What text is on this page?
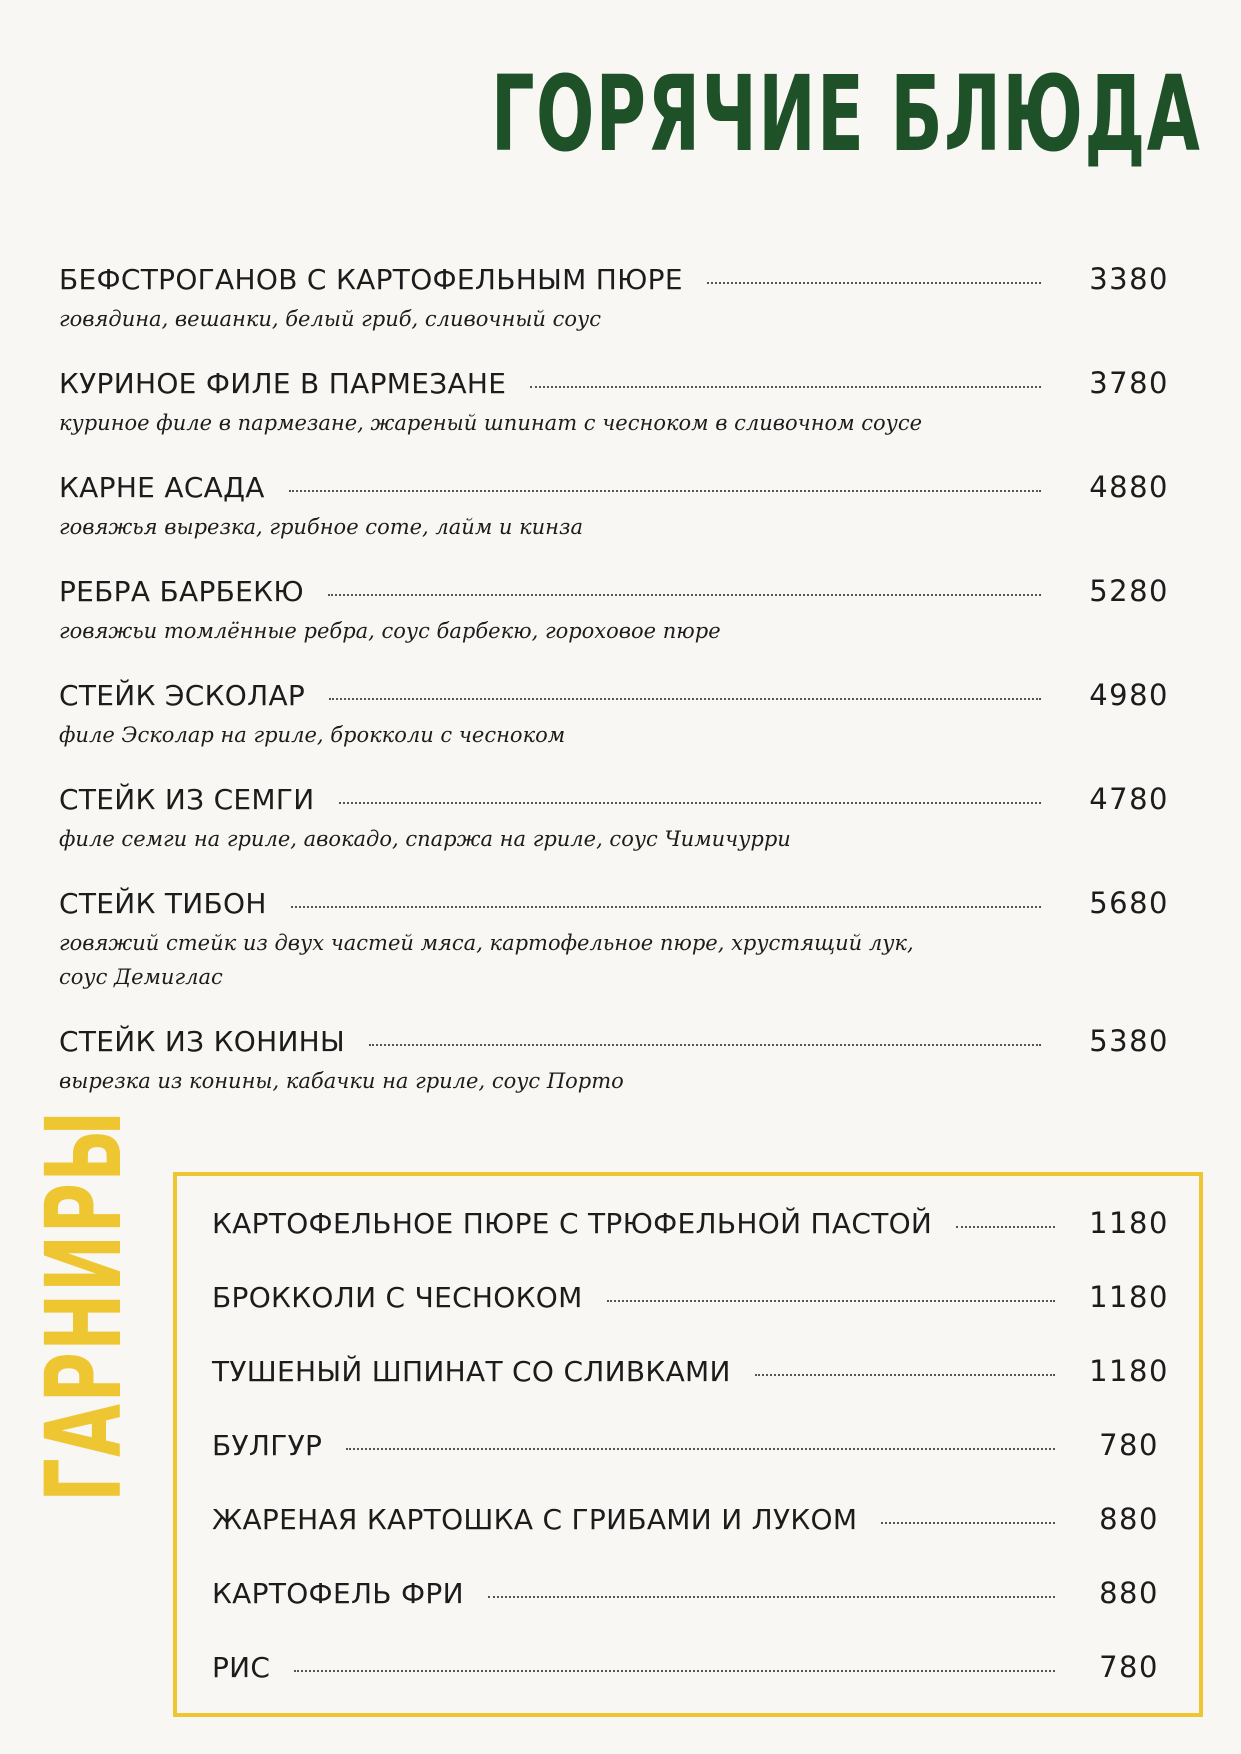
ГОРЯЧИЕ БЛЮДА
БЕФСТРОГАНОВ С КАРТОФЕЛЬНЫМ ПЮРЕ	3380
говядина, вешанки, белый гриб, сливочный соус
КУРИНОЕ ФИЛЕ В ПАРМЕЗАНЕ	3780
куриное филе в пармезане, жареный шпинат с чесноком в сливочном соусе
КАРНЕ АСАДА	4880
говяжья вырезка, грибное соте, лайм и кинза
РЕБРА БАРБЕКЮ	5280
говяжьи томлённые ребра, соус барбекю, гороховое пюре
СТЕЙК ЭСКОЛАР	4980
филе Эсколар на гриле, брокколи с чесноком
СТЕЙК ИЗ СЕМГИ	4780
филе семги на гриле, авокадо, спаржа на гриле, соус Чимичурри
СТЕЙК ТИБОН	5680
говяжий стейк из двух частей мяса, картофельное пюре, хрустящий лук, соус Демиглас
СТЕЙК ИЗ КОНИНЫ	5380
вырезка из конины, кабачки на гриле, соус Порто
ГАРНИРЫ КАРТОФЕЛЬНОЕ ПЮРЕ С ТРЮФЕЛЬНОЙ ПАСТОЙ	1180
БРОККОЛИ С ЧЕСНОКОМ	1180
ТУШЕНЫЙ ШПИНАТ СО СЛИВКАМИ	1180
БУЛГУР	780
ЖАРЕНАЯ КАРТОШКА С ГРИБАМИ И ЛУКОМ	880
КАРТОФЕЛЬ ФРИ	880
РИС	780
